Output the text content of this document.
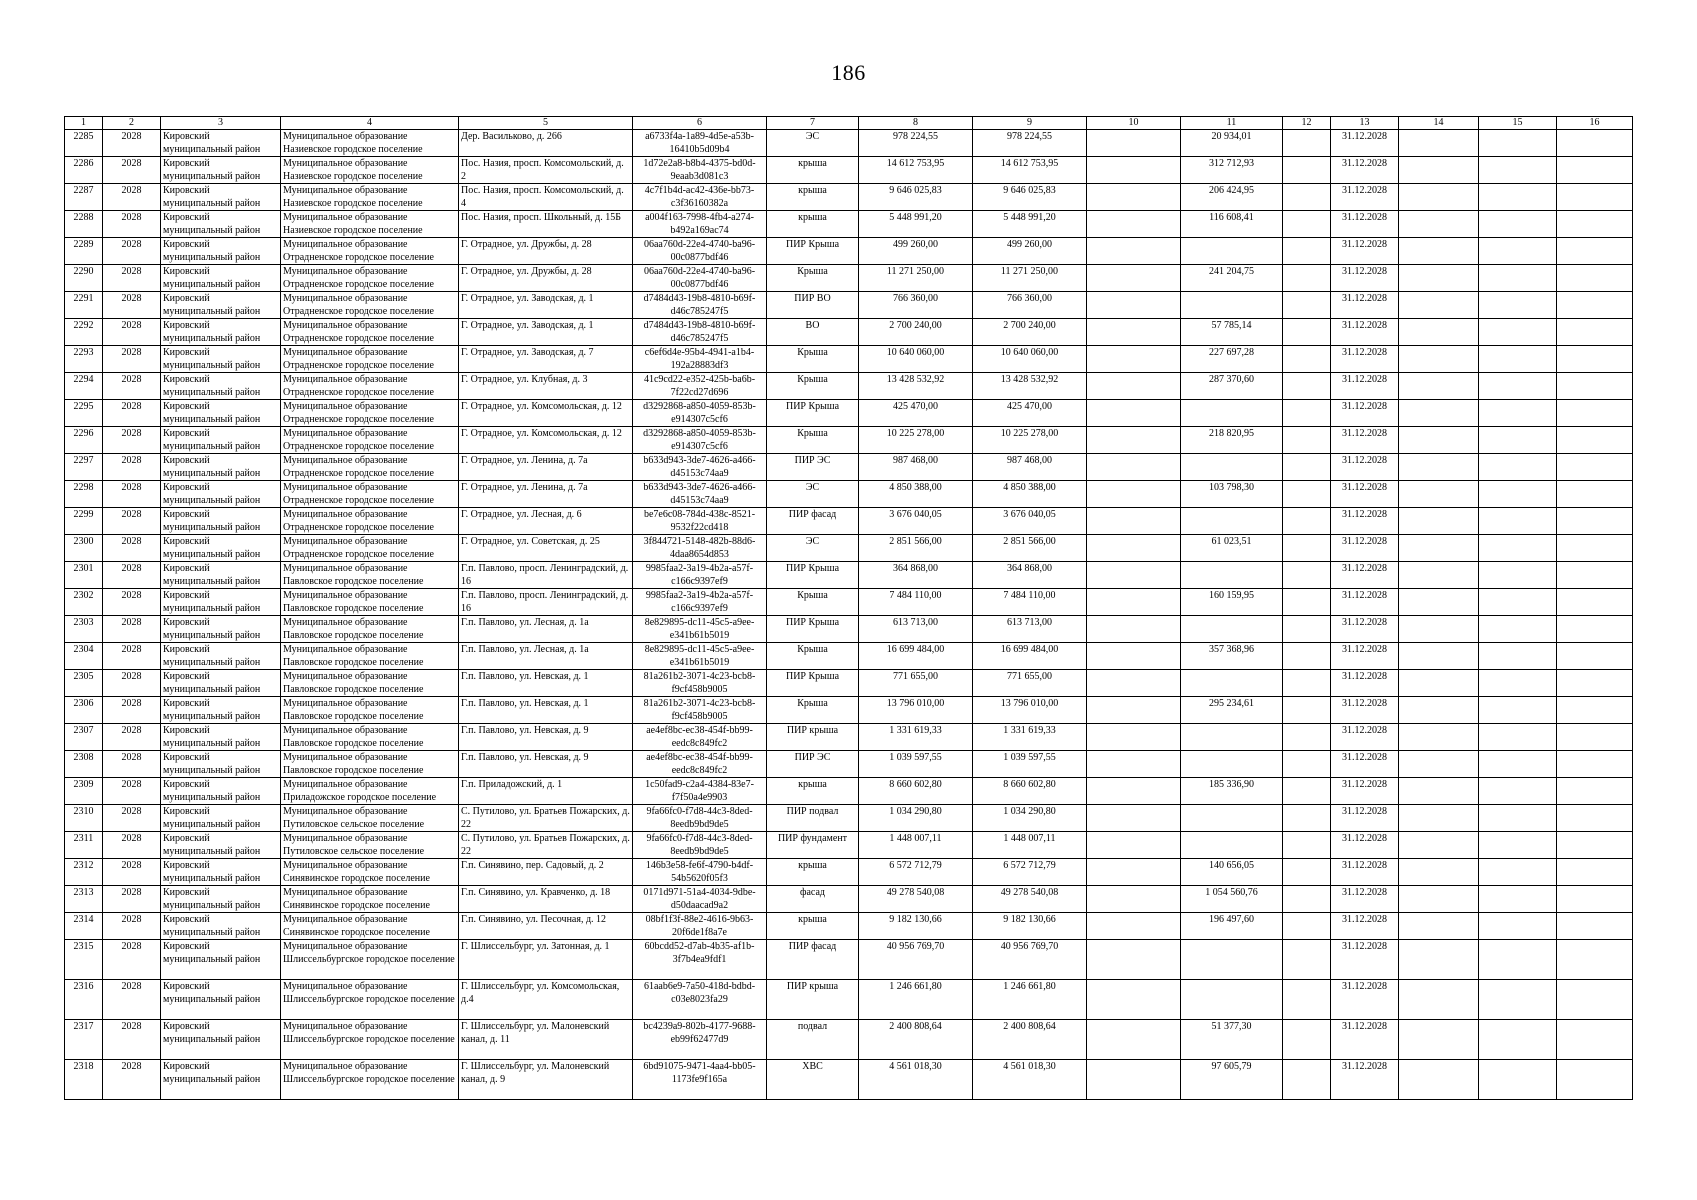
186
1	2	3	4	5	6	7	8	9	10	11	12	13	14	15	16
2285	2028	Кировский муниципальный район	Муниципальное образование Назиевское городское поселение	Дер. Васильково, д. 266	a6733f4a-1a89-4d5e-a53b-16410b5d09b4	ЭС	978 224,55	978 224,55		20 934,01		31.12.2028			
2286	2028	Кировский муниципальный район	Муниципальное образование Назиевское городское поселение	Пос. Назия, просп. Комсомольский, д. 2	1d72e2a8-b8b4-4375-bd0d-9eaab3d081c3	крыша	14 612 753,95	14 612 753,95		312 712,93		31.12.2028			
2287	2028	Кировский муниципальный район	Муниципальное образование Назиевское городское поселение	Пос. Назия, просп. Комсомольский, д. 4	4c7f1b4d-ac42-436e-bb73-c3f36160382a	крыша	9 646 025,83	9 646 025,83		206 424,95		31.12.2028			
2288	2028	Кировский муниципальный район	Муниципальное образование Назиевское городское поселение	Пос. Назия, просп. Школьный, д. 15Б	a004f163-7998-4fb4-a274-b492a169ac74	крыша	5 448 991,20	5 448 991,20		116 608,41		31.12.2028			
2289	2028	Кировский муниципальный район	Муниципальное образование Отрадненское городское поселение	Г. Отрадное, ул. Дружбы, д. 28	06aa760d-22e4-4740-ba96-00c0877bdf46	ПИР Крыша	499 260,00	499 260,00				31.12.2028			
2290	2028	Кировский муниципальный район	Муниципальное образование Отрадненское городское поселение	Г. Отрадное, ул. Дружбы, д. 28	06aa760d-22e4-4740-ba96-00c0877bdf46	Крыша	11 271 250,00	11 271 250,00		241 204,75		31.12.2028			
2291	2028	Кировский муниципальный район	Муниципальное образование Отрадненское городское поселение	Г. Отрадное, ул. Заводская, д. 1	d7484d43-19b8-4810-b69f-d46c785247f5	ПИР ВО	766 360,00	766 360,00				31.12.2028			
2292	2028	Кировский муниципальный район	Муниципальное образование Отрадненское городское поселение	Г. Отрадное, ул. Заводская, д. 1	d7484d43-19b8-4810-b69f-d46c785247f5	ВО	2 700 240,00	2 700 240,00		57 785,14		31.12.2028			
2293	2028	Кировский муниципальный район	Муниципальное образование Отрадненское городское поселение	Г. Отрадное, ул. Заводская, д. 7	c6ef6d4e-95b4-4941-a1b4-192a28883df3	Крыша	10 640 060,00	10 640 060,00		227 697,28		31.12.2028			
2294	2028	Кировский муниципальный район	Муниципальное образование Отрадненское городское поселение	Г. Отрадное, ул. Клубная, д. 3	41c9cd22-e352-425b-ba6b-7f22cd27d696	Крыша	13 428 532,92	13 428 532,92		287 370,60		31.12.2028			
2295	2028	Кировский муниципальный район	Муниципальное образование Отрадненское городское поселение	Г. Отрадное, ул. Комсомольская, д. 12	d3292868-a850-4059-853b-e914307c5cf6	ПИР Крыша	425 470,00	425 470,00				31.12.2028			
2296	2028	Кировский муниципальный район	Муниципальное образование Отрадненское городское поселение	Г. Отрадное, ул. Комсомольская, д. 12	d3292868-a850-4059-853b-e914307c5cf6	Крыша	10 225 278,00	10 225 278,00		218 820,95		31.12.2028			
2297	2028	Кировский муниципальный район	Муниципальное образование Отрадненское городское поселение	Г. Отрадное, ул. Ленина, д. 7а	b633d943-3de7-4626-a466-d45153c74aa9	ПИР ЭС	987 468,00	987 468,00				31.12.2028			
2298	2028	Кировский муниципальный район	Муниципальное образование Отрадненское городское поселение	Г. Отрадное, ул. Ленина, д. 7а	b633d943-3de7-4626-a466-d45153c74aa9	ЭС	4 850 388,00	4 850 388,00		103 798,30		31.12.2028			
2299	2028	Кировский муниципальный район	Муниципальное образование Отрадненское городское поселение	Г. Отрадное, ул. Лесная, д. 6	be7e6c08-784d-438c-8521-9532f22cd418	ПИР фасад	3 676 040,05	3 676 040,05				31.12.2028			
2300	2028	Кировский муниципальный район	Муниципальное образование Отрадненское городское поселение	Г. Отрадное, ул. Советская, д. 25	3f844721-5148-482b-88d6-4daa8654d853	ЭС	2 851 566,00	2 851 566,00		61 023,51		31.12.2028			
2301	2028	Кировский муниципальный район	Муниципальное образование Павловское городское поселение	Г.п. Павлово, просп. Ленинградский, д. 16	9985faa2-3a19-4b2a-a57f-c166c9397ef9	ПИР Крыша	364 868,00	364 868,00				31.12.2028			
2302	2028	Кировский муниципальный район	Муниципальное образование Павловское городское поселение	Г.п. Павлово, просп. Ленинградский, д. 16	9985faa2-3a19-4b2a-a57f-c166c9397ef9	Крыша	7 484 110,00	7 484 110,00		160 159,95		31.12.2028			
2303	2028	Кировский муниципальный район	Муниципальное образование Павловское городское поселение	Г.п. Павлово, ул. Лесная, д. 1а	8e829895-dc11-45c5-a9ee-e341b61b5019	ПИР Крыша	613 713,00	613 713,00				31.12.2028			
2304	2028	Кировский муниципальный район	Муниципальное образование Павловское городское поселение	Г.п. Павлово, ул. Лесная, д. 1а	8e829895-dc11-45c5-a9ee-e341b61b5019	Крыша	16 699 484,00	16 699 484,00		357 368,96		31.12.2028			
2305	2028	Кировский муниципальный район	Муниципальное образование Павловское городское поселение	Г.п. Павлово, ул. Невская, д. 1	81a261b2-3071-4c23-bcb8-f9cf458b9005	ПИР Крыша	771 655,00	771 655,00				31.12.2028			
2306	2028	Кировский муниципальный район	Муниципальное образование Павловское городское поселение	Г.п. Павлово, ул. Невская, д. 1	81a261b2-3071-4c23-bcb8-f9cf458b9005	Крыша	13 796 010,00	13 796 010,00		295 234,61		31.12.2028			
2307	2028	Кировский муниципальный район	Муниципальное образование Павловское городское поселение	Г.п. Павлово, ул. Невская, д. 9	ae4ef8bc-ec38-454f-bb99-eedc8c849fc2	ПИР крыша	1 331 619,33	1 331 619,33				31.12.2028			
2308	2028	Кировский муниципальный район	Муниципальное образование Павловское городское поселение	Г.п. Павлово, ул. Невская, д. 9	ae4ef8bc-ec38-454f-bb99-eedc8c849fc2	ПИР ЭС	1 039 597,55	1 039 597,55				31.12.2028			
2309	2028	Кировский муниципальный район	Муниципальное образование Приладожское городское поселение	Г.п. Приладожский, д. 1	1c50fad9-c2a4-4384-83e7-f7f50a4e9903	крыша	8 660 602,80	8 660 602,80		185 336,90		31.12.2028			
2310	2028	Кировский муниципальный район	Муниципальное образование Путиловское сельское поселение	С. Путилово, ул. Братьев Пожарских, д. 22	9fa66fc0-f7d8-44c3-8ded-8eedb9bd9de5	ПИР подвал	1 034 290,80	1 034 290,80				31.12.2028			
2311	2028	Кировский муниципальный район	Муниципальное образование Путиловское сельское поселение	С. Путилово, ул. Братьев Пожарских, д. 22	9fa66fc0-f7d8-44c3-8ded-8eedb9bd9de5	ПИР фундамент	1 448 007,11	1 448 007,11				31.12.2028			
2312	2028	Кировский муниципальный район	Муниципальное образование Синявинское городское поселение	Г.п. Синявино, пер. Садовый, д. 2	146b3e58-fe6f-4790-b4df-54b5620f05f3	крыша	6 572 712,79	6 572 712,79		140 656,05		31.12.2028			
2313	2028	Кировский муниципальный район	Муниципальное образование Синявинское городское поселение	Г.п. Синявино, ул. Кравченко, д. 18	0171d971-51a4-4034-9dbe-d50daacad9a2	фасад	49 278 540,08	49 278 540,08		1 054 560,76		31.12.2028			
2314	2028	Кировский муниципальный район	Муниципальное образование Синявинское городское поселение	Г.п. Синявино, ул. Песочная, д. 12	08bf1f3f-88e2-4616-9b63-20f6de1f8a7e	крыша	9 182 130,66	9 182 130,66		196 497,60		31.12.2028			
2315	2028	Кировский муниципальный район	Муниципальное образование Шлиссельбургское городское поселение	Г. Шлиссельбург, ул. Затонная, д. 1	60bcdd52-d7ab-4b35-af1b-3f7b4ea9fdf1	ПИР фасад	40 956 769,70	40 956 769,70				31.12.2028			
2316	2028	Кировский муниципальный район	Муниципальное образование Шлиссельбургское городское поселение	Г. Шлиссельбург, ул. Комсомольская, д.4	61aab6e9-7a50-418d-bdbd-c03e8023fa29	ПИР крыша	1 246 661,80	1 246 661,80				31.12.2028			
2317	2028	Кировский муниципальный район	Муниципальное образование Шлиссельбургское городское поселение	Г. Шлиссельбург, ул. Малоневский канал, д. 11	bc4239a9-802b-4177-9688-eb99f62477d9	подвал	2 400 808,64	2 400 808,64		51 377,30		31.12.2028			
2318	2028	Кировский муниципальный район	Муниципальное образование Шлиссельбургское городское поселение	Г. Шлиссельбург, ул. Малоневский канал, д. 9	6bd91075-9471-4aa4-bb05-1173fe9f165a	ХВС	4 561 018,30	4 561 018,30		97 605,79		31.12.2028			
